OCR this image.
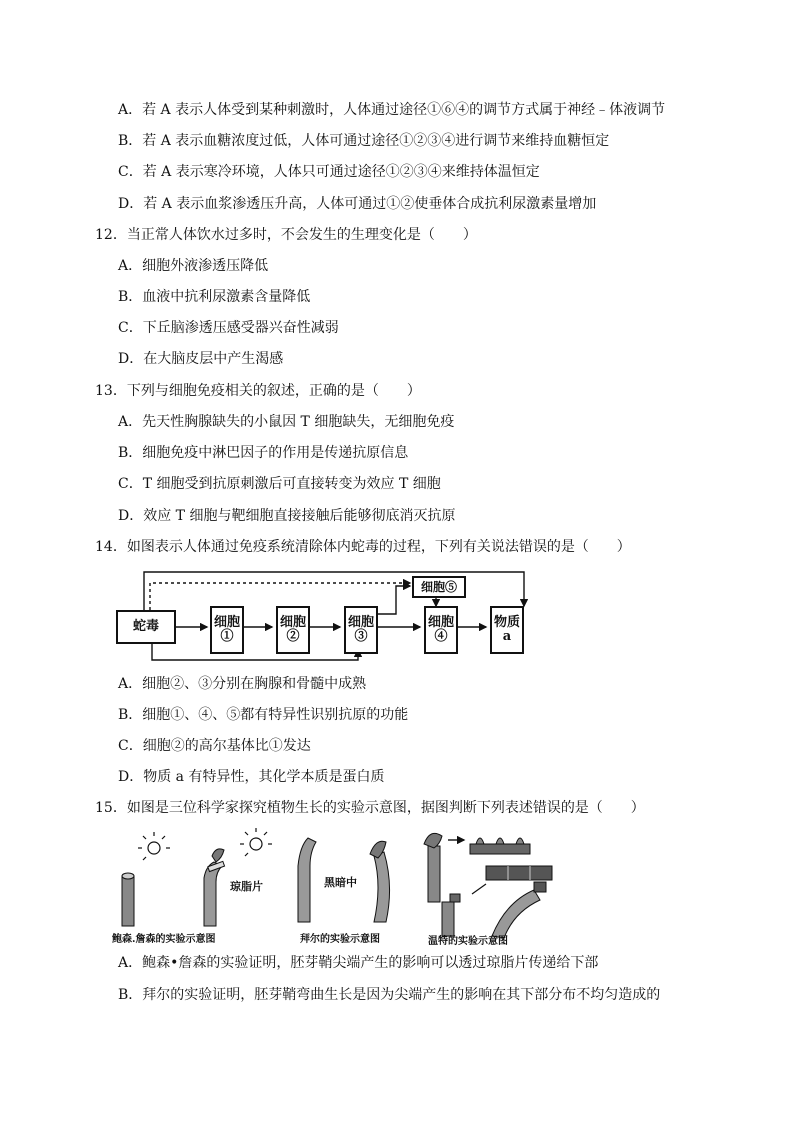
A．若 A 表示人体受到某种刺激时，人体通过途径①⑥④的调节方式属于神经﹣体液调节
B．若 A 表示血糖浓度过低，人体可通过途径①②③④进行调节来维持血糖恒定
C．若 A 表示寒冷环境，人体只可通过途径①②③④来维持体温恒定
D．若 A 表示血浆渗透压升高，人体可通过①②使垂体合成抗利尿激素量增加
12．当正常人体饮水过多时，不会发生的生理变化是（　　）
A．细胞外液渗透压降低
B．血液中抗利尿激素含量降低
C．下丘脑渗透压感受器兴奋性减弱
D．在大脑皮层中产生渴感
13．下列与细胞免疫相关的叙述，正确的是（　　）
A．先天性胸腺缺失的小鼠因 T 细胞缺失，无细胞免疫
B．细胞免疫中淋巴因子的作用是传递抗原信息
C．T 细胞受到抗原刺激后可直接转变为效应 T 细胞
D．效应 T 细胞与靶细胞直接接触后能够彻底消灭抗原
14．如图表示人体通过免疫系统清除体内蛇毒的过程，下列有关说法错误的是（　　）
蛇毒	细胞①
细胞②
细胞③
细胞④
细胞⑤
物质a
A．细胞②、③分别在胸腺和骨髓中成熟
B．细胞①、④、⑤都有特异性识别抗原的功能
C．细胞②的高尔基体比①发达
D．物质 a 有特异性，其化学本质是蛋白质
15．如图是三位科学家探究植物生长的实验示意图，据图判断下列表述错误的是（　　）
琼脂片	黑暗中
鲍森.詹森的实验示意图	拜尔的实验示意图	温特的实验示意图
A．鲍森•詹森的实验证明，胚芽鞘尖端产生的影响可以透过琼脂片传递给下部
B．拜尔的实验证明，胚芽鞘弯曲生长是因为尖端产生的影响在其下部分布不均匀造成的
